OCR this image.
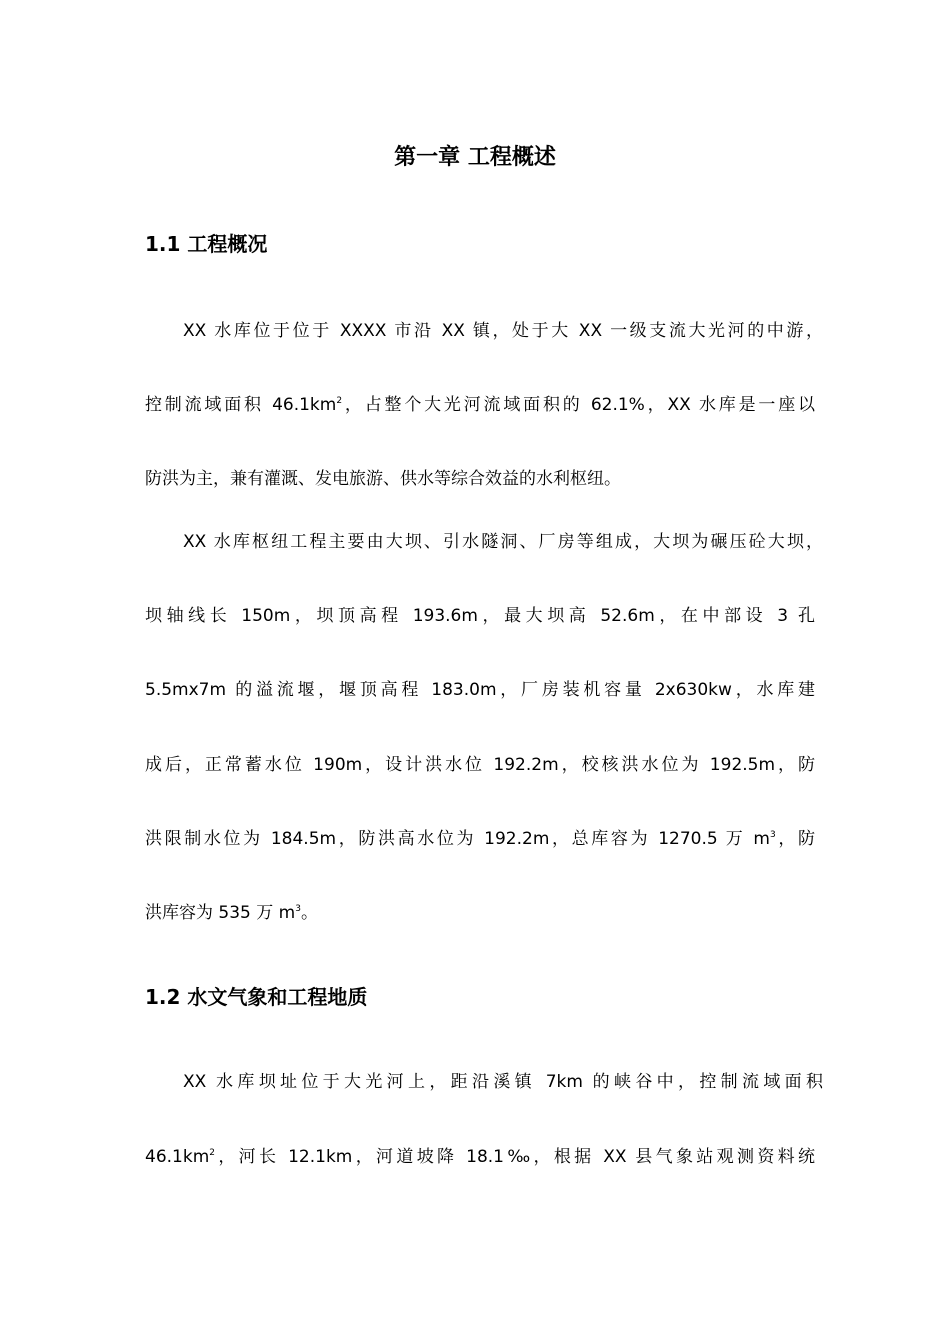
第一章 工程概述
1.1 工程概况

XX 水库位于位于 XXXX 市沿 XX 镇，处于大 XX 一级支流大光河的中游，

控制流域面积 $46.1km^2$，占整个大光河流域面积的 62.1%，XX 水库是一座以

防洪为主，兼有灌溉、发电旅游、供水等综合效益的水利枢纽。

XX 水库枢纽工程主要由大坝、引水隧洞、厂房等组成，大坝为碾压砼大坝，

坝轴线长 150m，坝顶高程 193.6m，最大坝高 52.6m，在中部设 3 孔

5.5mx7m 的溢流堰，堰顶高程 183.0m，厂房装机容量 2x630kw，水库建

成后，正常蓄水位 190m，设计洪水位 192.2m，校核洪水位为 192.5m，防

洪限制水位为 184.5m，防洪高水位为 192.2m，总库容为 1270.5 万 $m^3$，防

洪库容为 535 万 $m^3$。

1.2 水文气象和工程地质

XX 水库坝址位于大光河上，距沿溪镇 7km 的峡谷中，控制流域面积

$46.1km^2$，河长 12.1km，河道坡降 18.1‰，根据 XX 县气象站观测资料统
